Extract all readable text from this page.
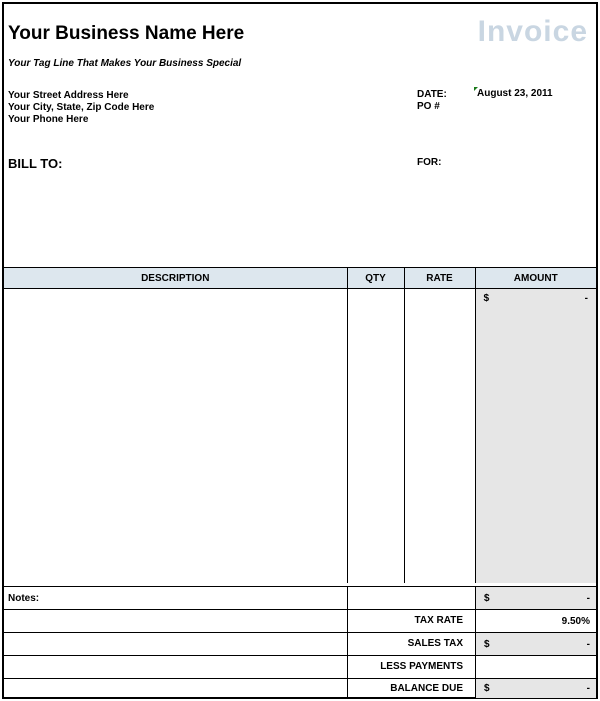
Your Business Name Here	Invoice
Your Tag Line That Makes Your Business Special
Your Street Address Here
Your City, State, Zip Code Here
Your Phone Here
DATE:	August 23, 2011
PO #
BILL TO:	FOR:
DESCRIPTION	QTY	RATE	AMOUNT

			$ -
Notes:	$	-
TAX RATE	9.50%
SALES TAX	$	-
LESS PAYMENTS
BALANCE DUE	$	-
